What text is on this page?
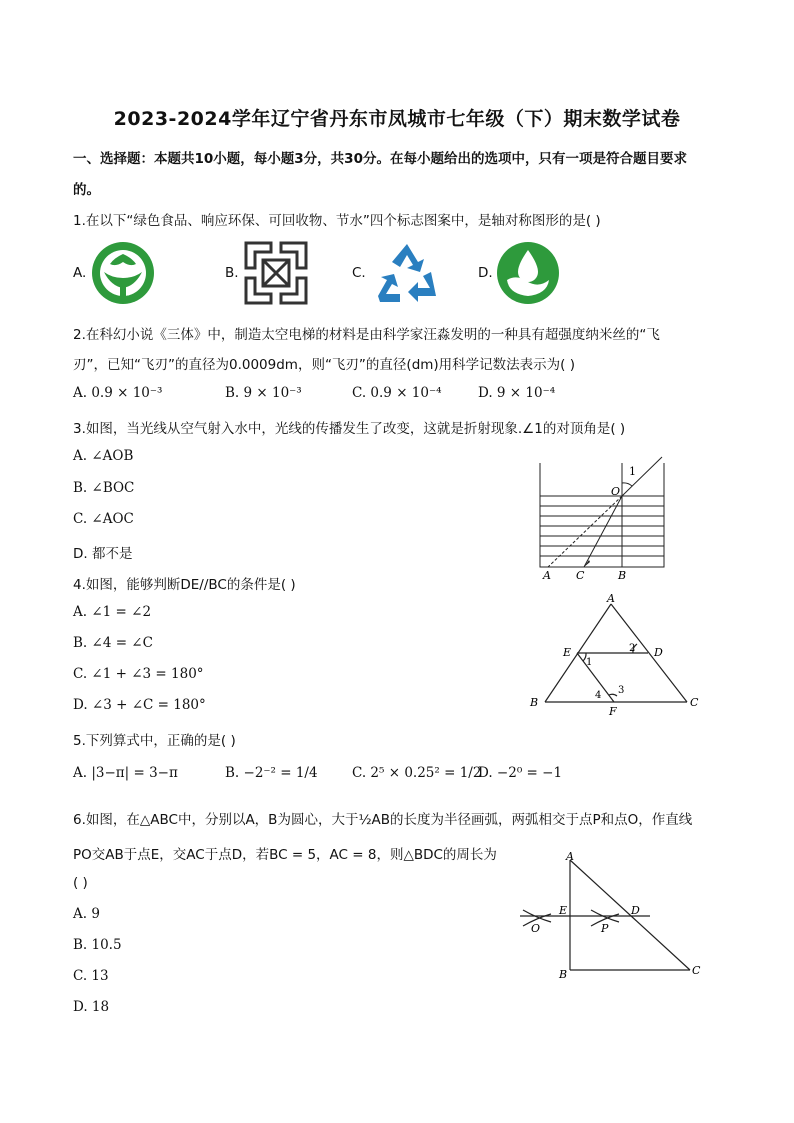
2023-2024学年辽宁省丹东市凤城市七年级（下）期末数学试卷
一、选择题：本题共10小题，每小题3分，共30分。在每小题给出的选项中，只有一项是符合题目要求
的。
1.在以下“绿色食品、响应环保、可回收物、节水”四个标志图案中，是轴对称图形的是( )
A.	B.	C.	D.
2.在科幻小说《三体》中，制造太空电梯的材料是由科学家汪淼发明的一种具有超强度纳米丝的“飞
刃”，已知“飞刃”的直径为0.0009dm，则“飞刃”的直径(dm)用科学记数法表示为( )
A. 0.9 × 10⁻³	B. 9 × 10⁻³	C. 0.9 × 10⁻⁴	D. 9 × 10⁻⁴
3.如图，当光线从空气射入水中，光线的传播发生了改变，这就是折射现象.∠1的对顶角是( )
A. ∠AOB
B. ∠BOC
C. ∠AOC
D. 都不是
1
O
A C	B
4.如图，能够判断DE//BC的条件是( )
A. ∠1 = ∠2
B. ∠4 = ∠C
C. ∠1 + ∠3 = 180°
D. ∠3 + ∠C = 180°
A
E	D
1
2
4 3
B
F
C
5.下列算式中，正确的是( )
A. |3−π| = 3−π	B. −2⁻² = 1/4	C. 2⁵ × 0.25² = 1/2
D. −2⁰ = −1
6.如图，在△ABC中，分别以A，B为圆心，大于½AB的长度为半径画弧，两弧相交于点P和点O，作直线
PO交AB于点E，交AC于点D，若BC = 5，AC = 8，则△BDC的周长为
( )
A. 9
B. 10.5
C. 13
D. 18
A
E	D
O	P
B	C
